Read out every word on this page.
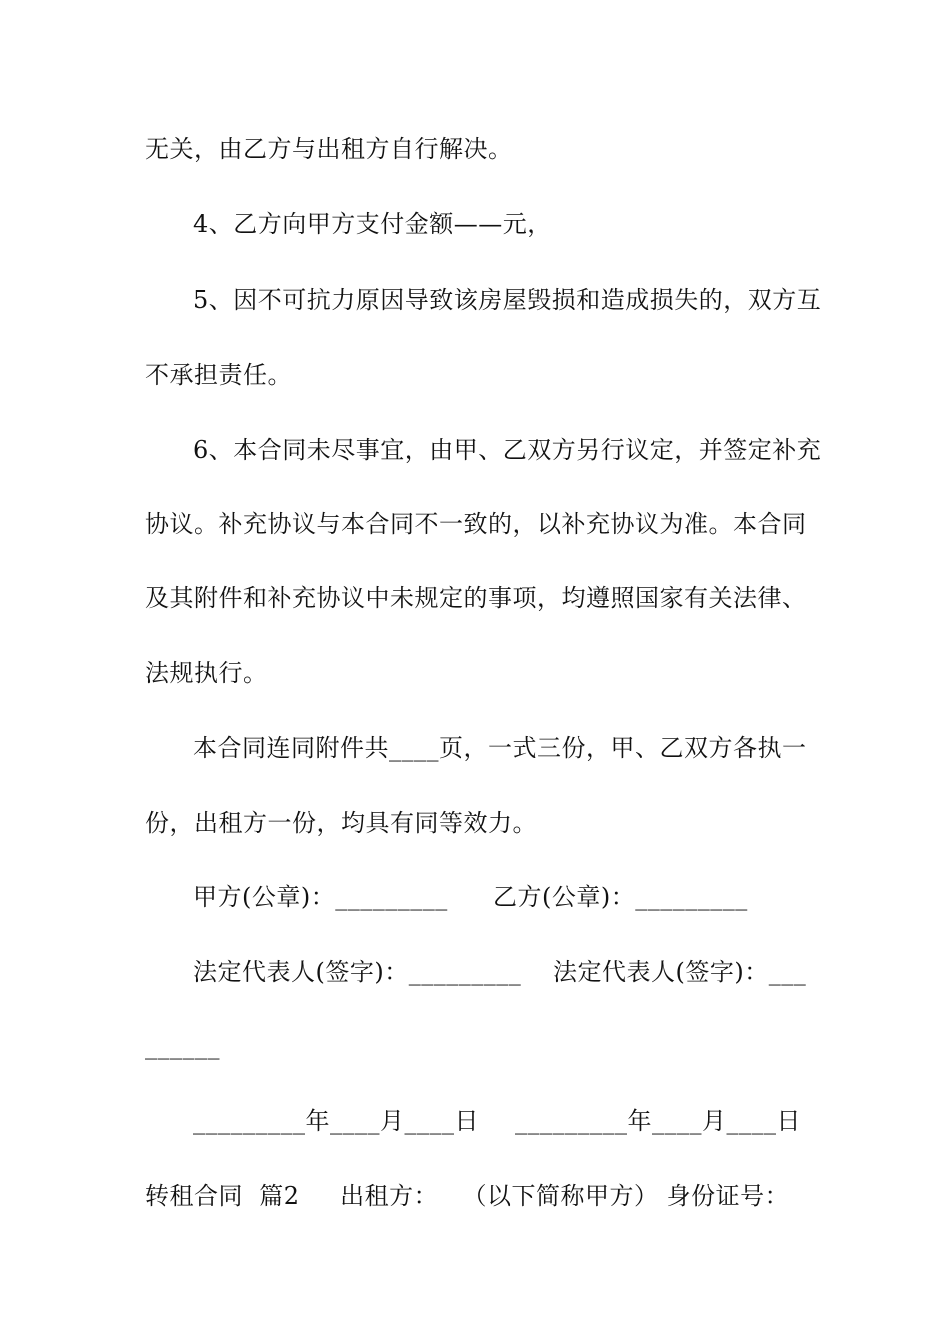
无关，由乙方与出租方自行解决。
4、乙方向甲方支付金额——元，
5、因不可抗力原因导致该房屋毁损和造成损失的，双方互
不承担责任。
6、本合同未尽事宜，由甲、乙双方另行议定，并签定补充
协议。补充协议与本合同不一致的，以补充协议为准。本合同
及其附件和补充协议中未规定的事项，均遵照国家有关法律、
法规执行。
本合同连同附件共____页，一式三份，甲、乙双方各执一
份，出租方一份，均具有同等效力。
甲方(公章)：_________ 乙方(公章)：_________
法定代表人(签字)：_________ 法定代表人(签字)：___
______
_________年____月____日 _________年____月____日
转租合同  篇2     出租方：   （以下简称甲方） 身份证号：
